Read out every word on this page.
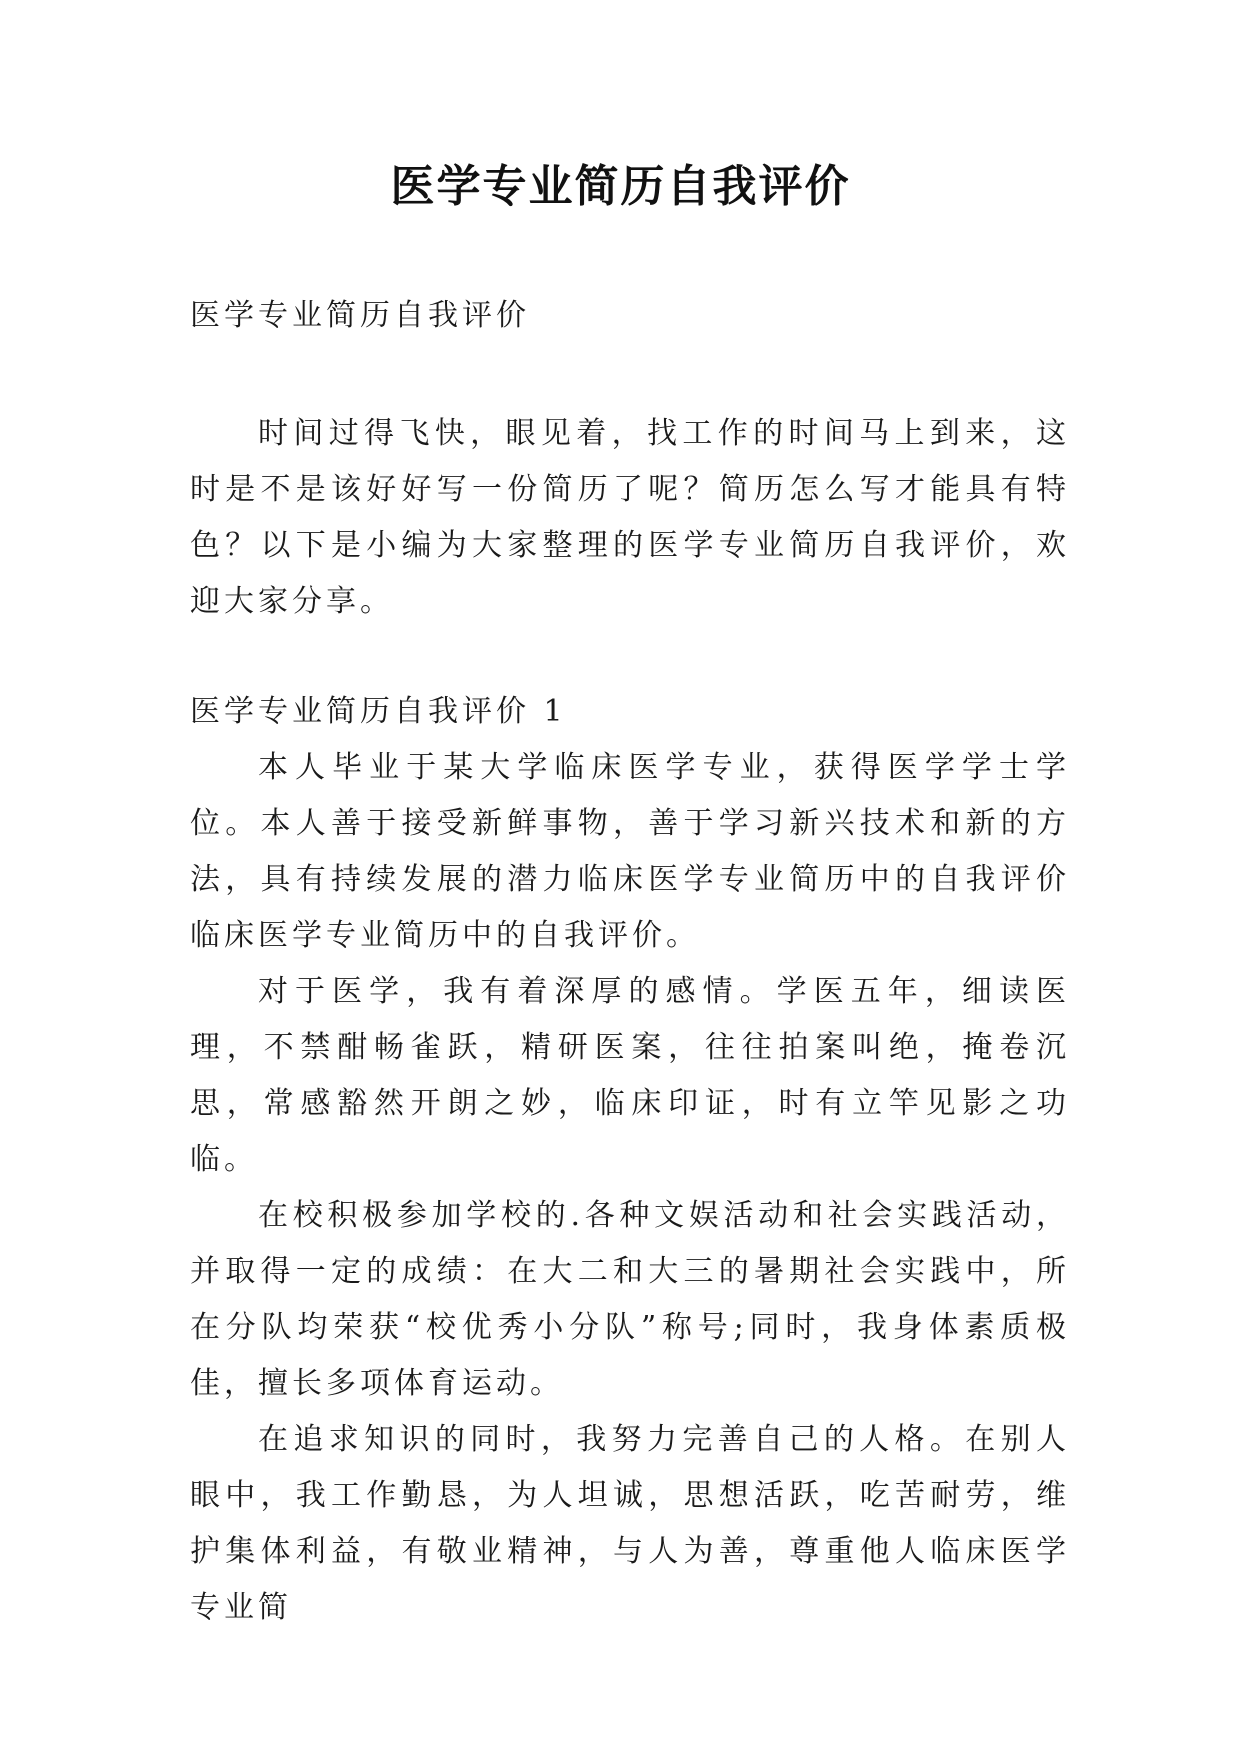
医学专业简历自我评价

医学专业简历自我评价

时间过得飞快，眼见着，找工作的时间马上到来，这时是不是该好好写一份简历了呢？简历怎么写才能具有特色？以下是小编为大家整理的医学专业简历自我评价，欢迎大家分享。

医学专业简历自我评价 1

本人毕业于某大学临床医学专业，获得医学学士学位。本人善于接受新鲜事物，善于学习新兴技术和新的方法，具有持续发展的潜力临床医学专业简历中的自我评价临床医学专业简历中的自我评价。

对于医学，我有着深厚的感情。学医五年，细读医理，不禁酣畅雀跃，精研医案，往往拍案叫绝，掩卷沉思，常感豁然开朗之妙，临床印证，时有立竿见影之功临。

在校积极参加学校的.各种文娱活动和社会实践活动，并取得一定的成绩：在大二和大三的暑期社会实践中，所在分队均荣获“校优秀小分队”称号;同时，我身体素质极佳，擅长多项体育运动。

在追求知识的同时，我努力完善自己的人格。在别人眼中，我工作勤恳，为人坦诚，思想活跃，吃苦耐劳，维护集体利益，有敬业精神，与人为善，尊重他人临床医学专业简
